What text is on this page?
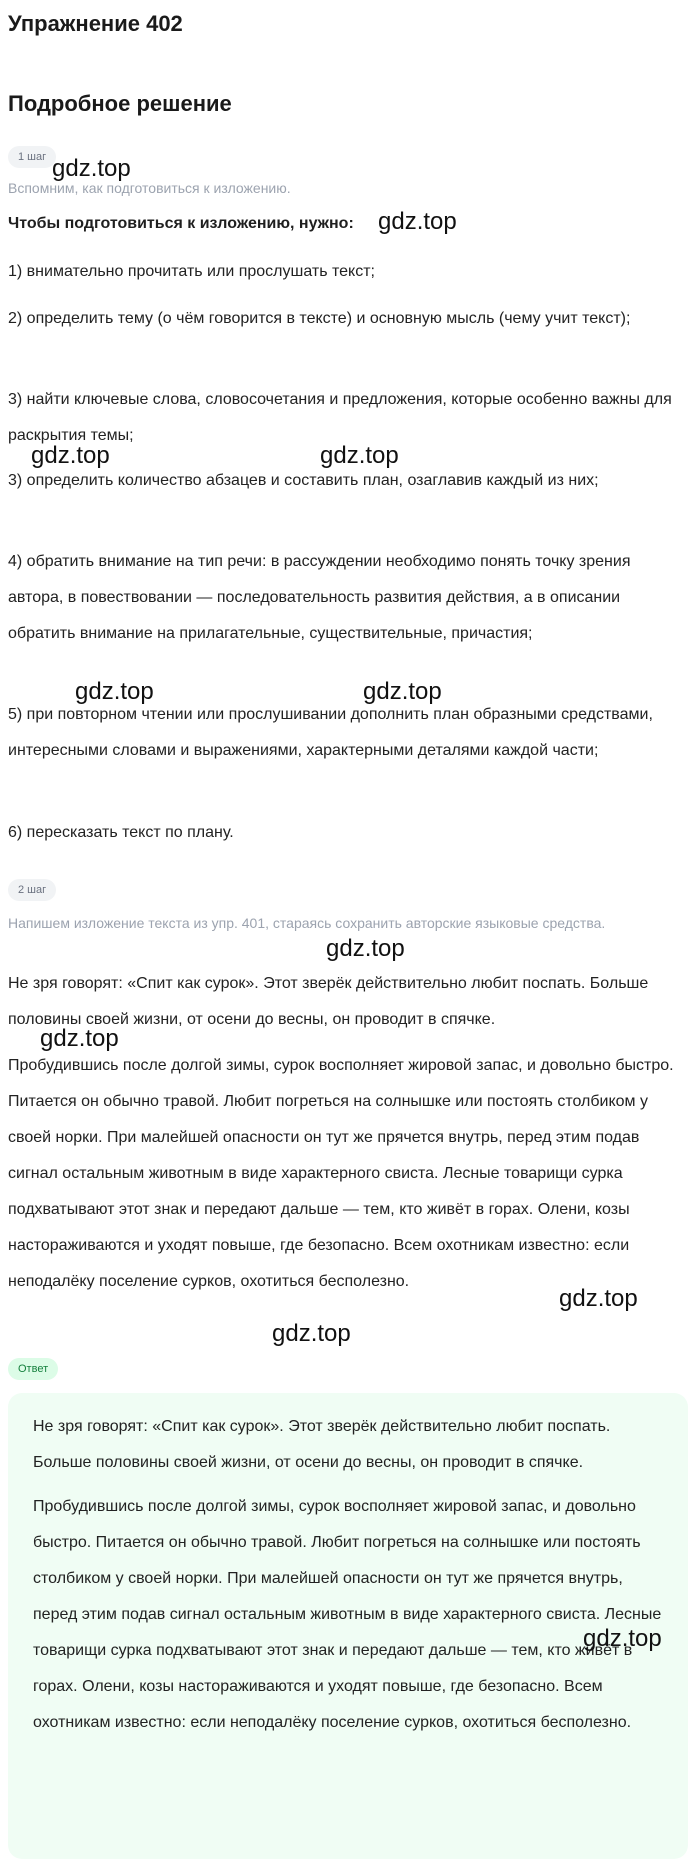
Упражнение 402
Подробное решение
1 шаг

Вспомним, как подготовиться к изложению.

Чтобы подготовиться к изложению, нужно:

1) внимательно прочитать или прослушать текст;

2) определить тему (о чём говорится в тексте) и основную мысль (чему учит текст);

3) найти ключевые слова, словосочетания и предложения, которые особенно важны для раскрытия темы;

3) определить количество абзацев и составить план, озаглавив каждый из них;

4) обратить внимание на тип речи: в рассуждении необходимо понять точку зрения автора, в повествовании — последовательность развития действия, а в описании обратить внимание на прилагательные, существительные, причастия;

5) при повторном чтении или прослушивании дополнить план образными средствами, интересными словами и выражениями, характерными деталями каждой части;

6) пересказать текст по плану.

2 шаг

Напишем изложение текста из упр. 401, стараясь сохранить авторские языковые средства.

Не зря говорят: «Спит как сурок». Этот зверёк действительно любит поспать. Больше половины своей жизни, от осени до весны, он проводит в спячке.

Пробудившись после долгой зимы, сурок восполняет жировой запас, и довольно быстро. Питается он обычно травой. Любит погреться на солнышке или постоять столбиком у своей норки. При малейшей опасности он тут же прячется внутрь, перед этим подав сигнал остальным животным в виде характерного свиста. Лесные товарищи сурка подхватывают этот знак и передают дальше — тем, кто живёт в горах. Олени, козы настораживаются и уходят повыше, где безопасно. Всем охотникам известно: если неподалёку поселение сурков, охотиться бесполезно.

Ответ

Не зря говорят: «Спит как сурок». Этот зверёк действительно любит поспать. Больше половины своей жизни, от осени до весны, он проводит в спячке.

Пробудившись после долгой зимы, сурок восполняет жировой запас, и довольно быстро. Питается он обычно травой. Любит погреться на солнышке или постоять столбиком у своей норки. При малейшей опасности он тут же прячется внутрь, перед этим подав сигнал остальным животным в виде характерного свиста. Лесные товарищи сурка подхватывают этот знак и передают дальше — тем, кто живёт в горах. Олени, козы настораживаются и уходят повыше, где безопасно. Всем охотникам известно: если неподалёку поселение сурков, охотиться бесполезно.

gdz.top
gdz.top
gdz.top	gdz.top
gdz.top	gdz.top
gdz.top
gdz.top
gdz.top
gdz.top
gdz.top
